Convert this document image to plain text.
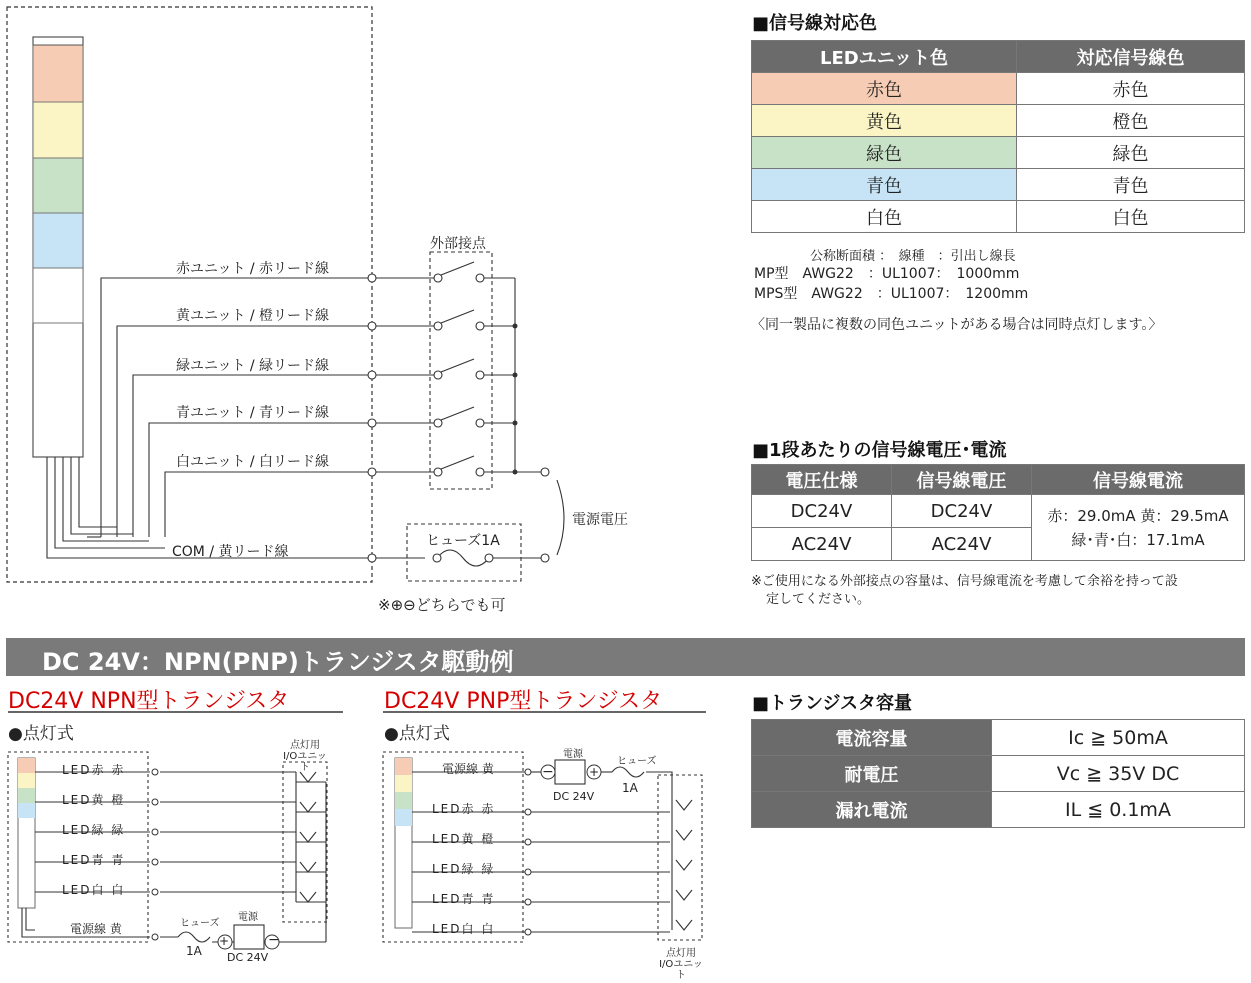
赤ユニット / 赤リード線
黄ユニット / 橙リード線
緑ユニット / 緑リード線
青ユニット / 青リード線
白ユニット / 白リード線
COM / 黄リード線
外部接点
電源電圧
ヒューズ1A
※⊕⊖どちらでも可
■信号線対応色
LEDユニット色	対応信号線色
赤色	赤色
黄色	橙色
緑色	緑色
青色	青色
白色	白色
公称断面積 ：　線種　：引出し線長
MP型　AWG22　：UL1007：　1000mm
MPS型　AWG22　：UL1007：　1200mm
〈同一製品に複数の同色ユニットがある場合は同時点灯します。〉
■1段あたりの信号線電圧･電流
電圧仕様	信号線電圧	信号線電流
DC24V	DC24V	赤：29.0mA 黄：29.5mA
緑･青･白：17.1mA

AC24V	AC24V	
※ご使用になる外部接点の容量は、信号線電流を考慮して余裕を持って設
定してください。
DC 24V：NPN(PNP)トランジスタ駆動例
DC24V NPN型トランジスタ
●点灯式
LED赤 赤
LED黄 橙
LED緑 緑
LED青 青
LED白 白
電源線 黄	ヒューズ
1A
電源
DC 24V
点灯用 I/Oユニット
+	−
DC24V PNP型トランジスタ
●点灯式
電源線 黄
LED赤 赤
LED黄 橙
LED緑 緑
LED青 青
LED白 白
電源
DC 24V
ヒューズ
1A
点灯用 I/Oユニット
−	+
■トランジスタ容量
電流容量	Ic ≧ 50mA
耐電圧	Vc ≧ 35V DC
漏れ電流	IL ≦ 0.1mA
